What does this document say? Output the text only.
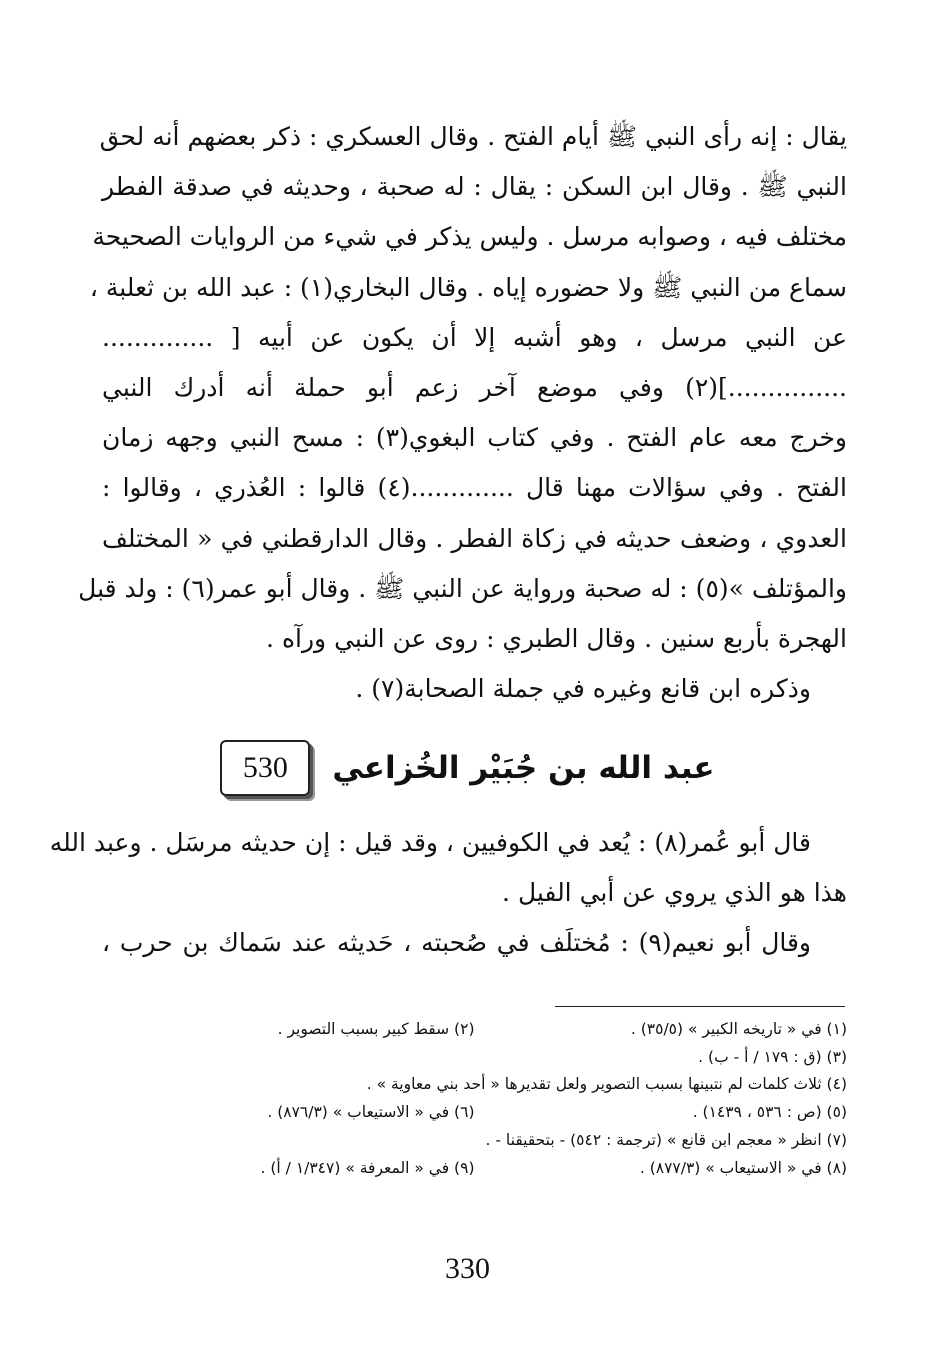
يقال : إنه رأى النبي ﷺ أيام الفتح . وقال العسكري : ذكر بعضهم أنه لحق
النبي ﷺ . وقال ابن السكن : يقال : له صحبة ، وحديثه في صدقة الفطر
مختلف فيه ، وصوابه مرسل . وليس يذكر في شيء من الروايات الصحيحة
سماع من النبي ﷺ ولا حضوره إياه . وقال البخاري(١) : عبد الله بن ثعلبة ،
عن النبي مرسل ، وهو أشبه إلا أن يكون عن أبيه [ ..............
...............](٢) وفي موضع آخر زعم أبو حملة أنه أدرك النبي
وخرج معه عام الفتح . وفي كتاب البغوي(٣) : مسح النبي وجهه زمان
الفتح . وفي سؤالات مهنا قال .............(٤) قالوا : العُذري ، وقالوا :
العدوي ، وضعف حديثه في زكاة الفطر . وقال الدارقطني في « المختلف
والمؤتلف »(٥) : له صحبة ورواية عن النبي ﷺ . وقال أبو عمر(٦) : ولد قبل
الهجرة بأربع سنين . وقال الطبري : روى عن النبي ورآه .
وذكره ابن قانع وغيره في جملة الصحابة(٧) .
عبد الله بن جُبَيْر الخُزاعي
530
قال أبو عُمر(٨) : يُعد في الكوفيين ، وقد قيل : إن حديثه مرسَل . وعبد الله
هذا هو الذي يروي عن أبي الفيل .
وقال أبو نعيم(٩) : مُختلَف في صُحبته ، حَديثه عند سَماك بن حرب ،
(١) في « تاريخه الكبير » (٣٥/٥) .
(٢) سقط كبير بسبب التصوير .
(٣) (ق : ١٧٩ / أ - ب) .
(٤) ثلاث كلمات لم نتبينها بسبب التصوير ولعل تقديرها « أحد بني معاوية » .
(٥) (ص : ٥٣٦ ، ١٤٣٩) .
(٦) في « الاستيعاب » (٨٧٦/٣) .
(٧) انظر « معجم ابن قانع » (ترجمة : ٥٤٢) - بتحقيقنا - .
(٨) في « الاستيعاب » (٨٧٧/٣) .
(٩) في « المعرفة » (١/٣٤٧ / أ) .
330
